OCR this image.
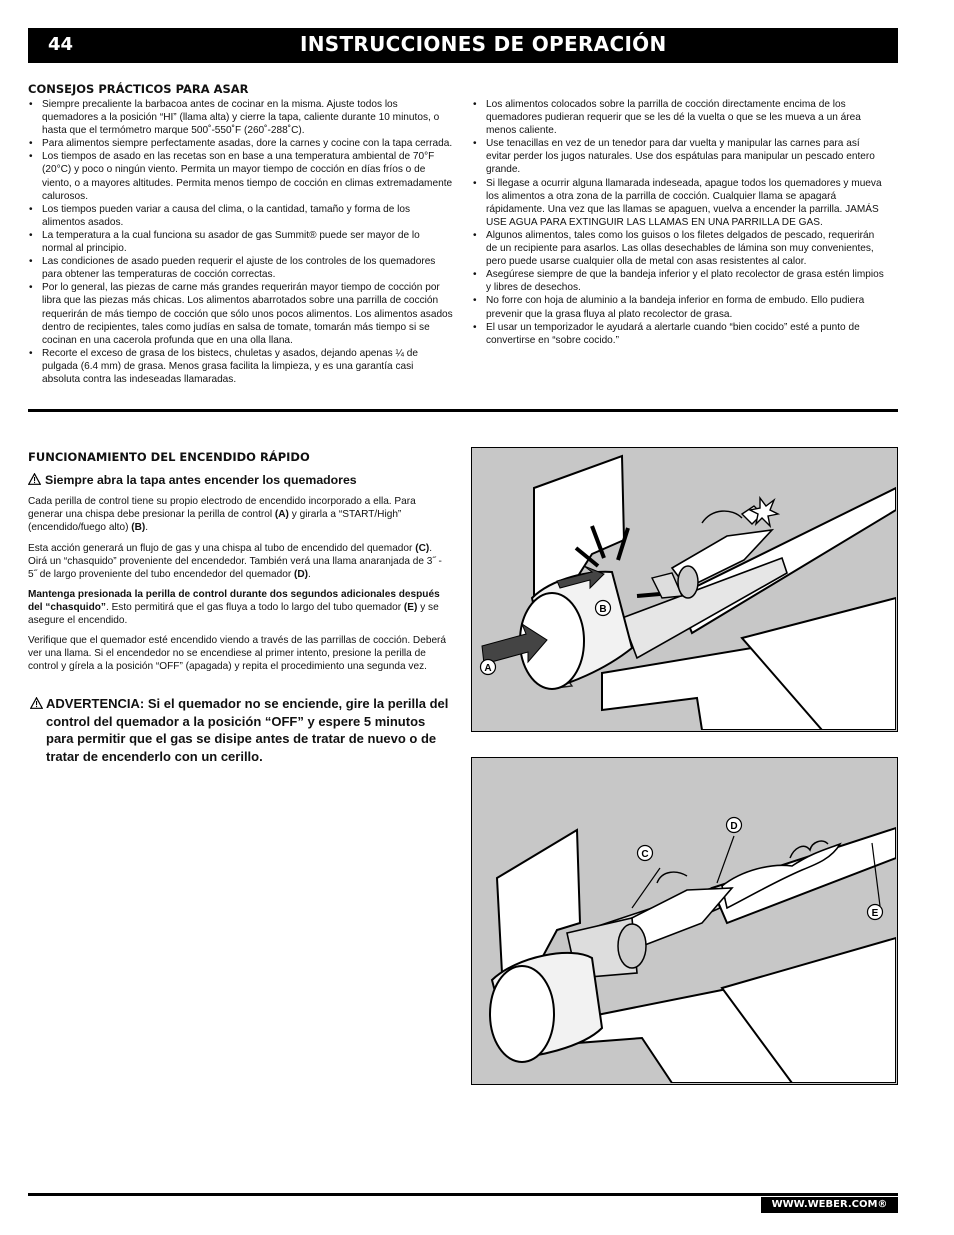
44	INSTRUCCIONES DE OPERACIÓN
CONSEJOS PRÁCTICOS PARA ASAR
• Siempre precaliente la barbacoa antes de cocinar en la misma. Ajuste todos los quemadores a la posición “HI” (llama alta) y cierre la tapa, caliente durante 10 minutos, o hasta que el termómetro marque 500˚-550˚F (260˚-288˚C).
• Para alimentos siempre perfectamente asadas, dore la carnes y cocine con la tapa cerrada.
• Los tiempos de asado en las recetas son en base a una temperatura ambiental de 70°F (20°C) y poco o ningún viento. Permita un mayor tiempo de cocción en días fríos o de viento, o a mayores altitudes. Permita menos tiempo de cocción en climas extremadamente calurosos.
• Los tiempos pueden variar a causa del clima, o la cantidad, tamaño y forma de los alimentos asados.
• La temperatura a la cual funciona su asador de gas Summit® puede ser mayor de lo normal al principio.
• Las condiciones de asado pueden requerir el ajuste de los controles de los quemadores para obtener las temperaturas de cocción correctas.
• Por lo general, las piezas de carne más grandes requerirán mayor tiempo de cocción por libra que las piezas más chicas. Los alimentos abarrotados sobre una parrilla de cocción requerirán de más tiempo de cocción que sólo unos pocos alimentos. Los alimentos asados dentro de recipientes, tales como judías en salsa de tomate, tomarán más tiempo si se cocinan en una cacerola profunda que en una olla llana.
• Recorte el exceso de grasa de los bistecs, chuletas y asados, dejando apenas ¼ de pulgada (6.4 mm) de grasa. Menos grasa facilita la limpieza, y es una garantía casi absoluta contra las indeseadas llamaradas.
• Los alimentos colocados sobre la parrilla de cocción directamente encima de los quemadores pudieran requerir que se les dé la vuelta o que se les mueva a un área menos caliente.
• Use tenacillas en vez de un tenedor para dar vuelta y manipular las carnes para así evitar perder los jugos naturales. Use dos espátulas para manipular un pescado entero grande.
• Si llegase a ocurrir alguna llamarada indeseada, apague todos los quemadores y mueva los alimentos a otra zona de la parrilla de cocción. Cualquier llama se apagará rápidamente. Una vez que las llamas se apaguen, vuelva a encender la parrilla. JAMÁS USE AGUA PARA EXTINGUIR LAS LLAMAS EN UNA PARRILLA DE GAS.
• Algunos alimentos, tales como los guisos o los filetes delgados de pescado, requerirán de un recipiente para asarlos. Las ollas desechables de lámina son muy convenientes, pero puede usarse cualquier olla de metal con asas resistentes al calor.
• Asegúrese siempre de que la bandeja inferior y el plato recolector de grasa estén limpios y libres de desechos.
• No forre con hoja de aluminio a la bandeja inferior en forma de embudo. Ello pudiera prevenir que la grasa fluya al plato recolector de grasa.
• El usar un temporizador le ayudará a alertarle cuando “bien cocido” esté a punto de convertirse en “sobre cocido.”
FUNCIONAMIENTO DEL ENCENDIDO RÁPIDO
Siempre abra la tapa antes encender los quemadores

Cada perilla de control tiene su propio electrodo de encendido incorporado a ella. Para generar una chispa debe presionar la perilla de control (A) y girarla a “START/High” (encendido/fuego alto) (B).

Esta acción generará un flujo de gas y una chispa al tubo de encendido del quemador (C). Oirá un “chasquido” proveniente del encendedor. También verá una llama anaranjada de 3˝ - 5˝ de largo proveniente del tubo encendedor del quemador (D).

Mantenga presionada la perilla de control durante dos segundos adicionales después del “chasquido”. Esto permitirá que el gas fluya a todo lo largo del tubo quemador (E) y se asegure el encendido.

Verifique que el quemador esté encendido viendo a través de las parrillas de cocción. Deberá ver una llama. Si el encendedor no se encendiese al primer intento, presione la perilla de control y gírela a la posición “OFF” (apagada) y repita el procedimiento una segunda vez.

ADVERTENCIA: Si el quemador no se enciende, gire la perilla del control del quemador a la posición “OFF” y espere 5 minutos para permitir que el gas se disipe antes de tratar de nuevo o de tratar de encenderlo con un cerillo.
B
A
C
D
E
WWW.WEBER.COM®
